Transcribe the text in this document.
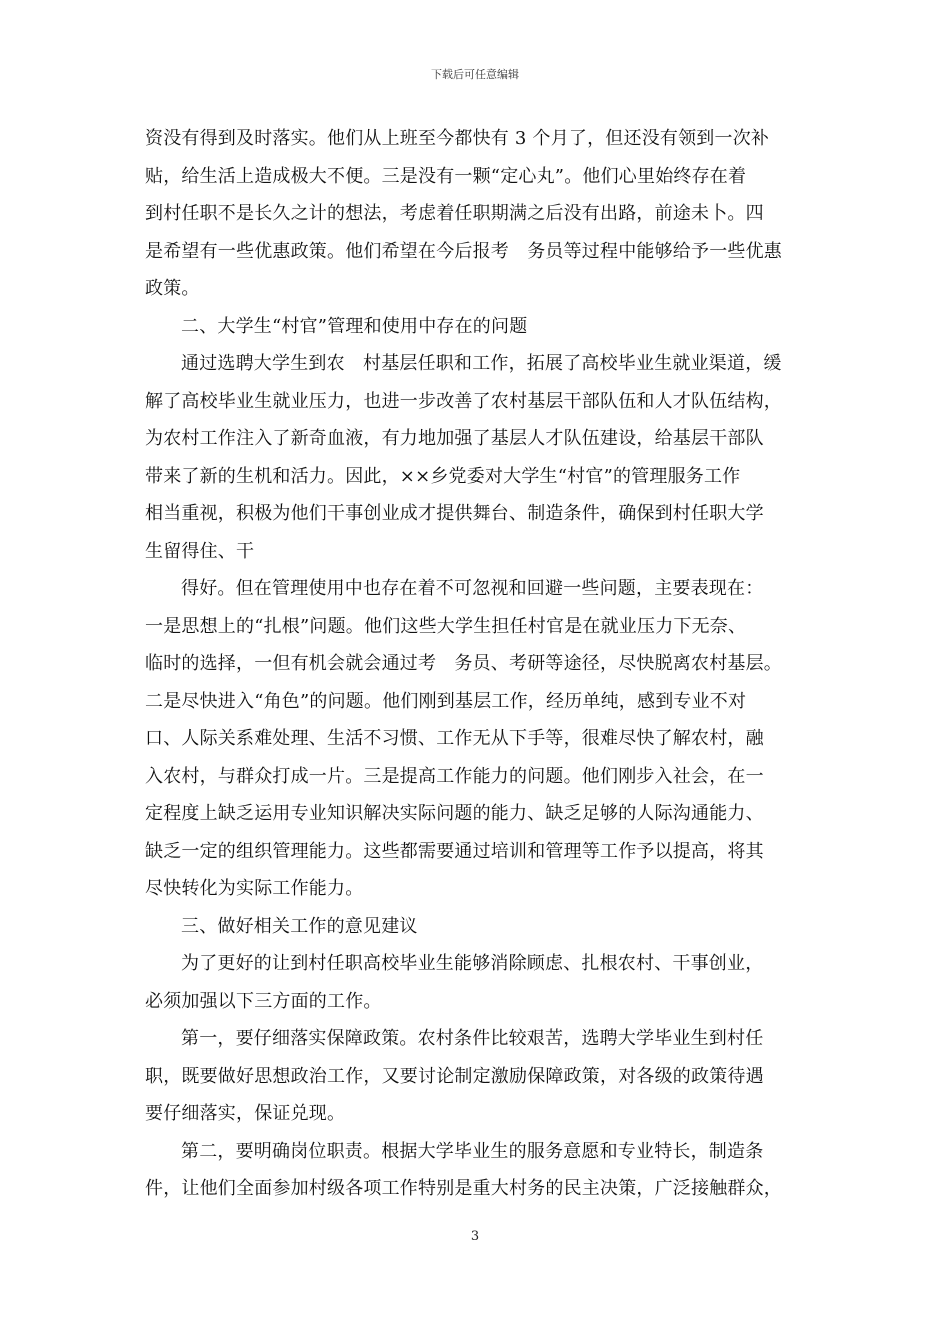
下载后可任意编辑
资没有得到及时落实。他们从上班至今都快有 3 个月了，但还没有领到一次补
贴，给生活上造成极大不便。三是没有一颗“定心丸”。他们心里始终存在着
到村任职不是长久之计的想法，考虑着任职期满之后没有出路，前途未卜。四
是希望有一些优惠政策。他们希望在今后报考　务员等过程中能够给予一些优惠
政策。
二、大学生“村官”管理和使用中存在的问题
通过选聘大学生到农　村基层任职和工作，拓展了高校毕业生就业渠道，缓
解了高校毕业生就业压力，也进一步改善了农村基层干部队伍和人才队伍结构，
为农村工作注入了新奇血液，有力地加强了基层人才队伍建设，给基层干部队
带来了新的生机和活力。因此，××乡党委对大学生“村官”的管理服务工作
相当重视，积极为他们干事创业成才提供舞台、制造条件，确保到村任职大学
生留得住、干
得好。但在管理使用中也存在着不可忽视和回避一些问题，主要表现在：
一是思想上的“扎根”问题。他们这些大学生担任村官是在就业压力下无奈、
临时的选择，一但有机会就会通过考　务员、考研等途径，尽快脱离农村基层。
二是尽快进入“角色”的问题。他们刚到基层工作，经历单纯，感到专业不对
口、人际关系难处理、生活不习惯、工作无从下手等，很难尽快了解农村，融
入农村，与群众打成一片。三是提高工作能力的问题。他们刚步入社会，在一
定程度上缺乏运用专业知识解决实际问题的能力、缺乏足够的人际沟通能力、
缺乏一定的组织管理能力。这些都需要通过培训和管理等工作予以提高，将其
尽快转化为实际工作能力。
三、做好相关工作的意见建议
为了更好的让到村任职高校毕业生能够消除顾虑、扎根农村、干事创业，
必须加强以下三方面的工作。
第一，要仔细落实保障政策。农村条件比较艰苦，选聘大学毕业生到村任
职，既要做好思想政治工作，又要讨论制定激励保障政策，对各级的政策待遇
要仔细落实，保证兑现。
第二，要明确岗位职责。根据大学毕业生的服务意愿和专业特长，制造条
件，让他们全面参加村级各项工作特别是重大村务的民主决策，广泛接触群众，
3
